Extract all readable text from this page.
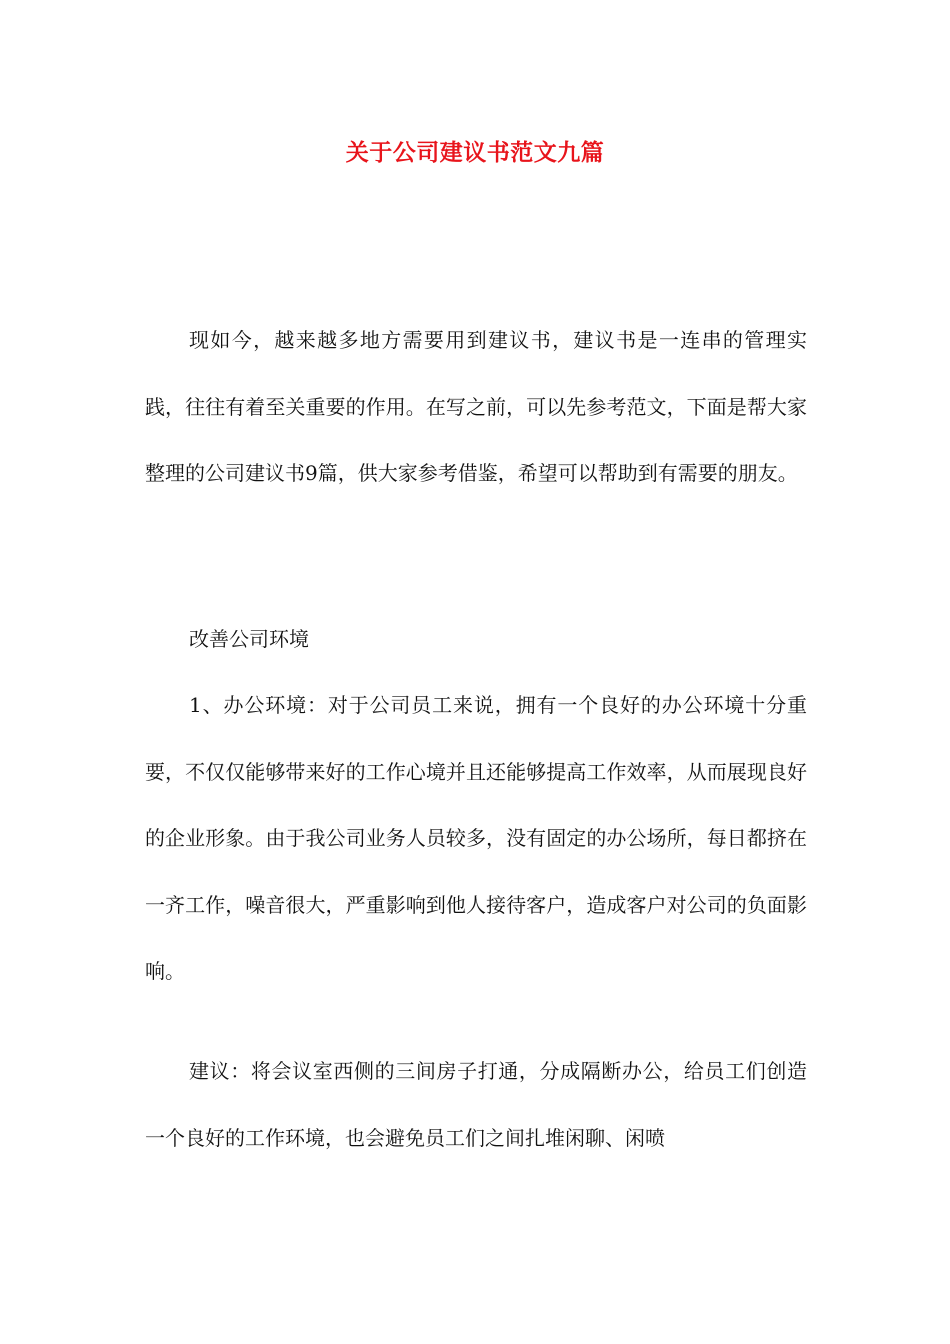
关于公司建议书范文九篇

现如今，越来越多地方需要用到建议书，建议书是一连串的管理实践，往往有着至关重要的作用。在写之前，可以先参考范文，下面是帮大家整理的公司建议书9篇，供大家参考借鉴，希望可以帮助到有需要的朋友。

改善公司环境

1、办公环境：对于公司员工来说，拥有一个良好的办公环境十分重要，不仅仅能够带来好的工作心境并且还能够提高工作效率，从而展现良好的企业形象。由于我公司业务人员较多，没有固定的办公场所，每日都挤在一齐工作，噪音很大，严重影响到他人接待客户，造成客户对公司的负面影响。

建议：将会议室西侧的三间房子打通，分成隔断办公，给员工们创造一个良好的工作环境，也会避免员工们之间扎堆闲聊、闲喷
